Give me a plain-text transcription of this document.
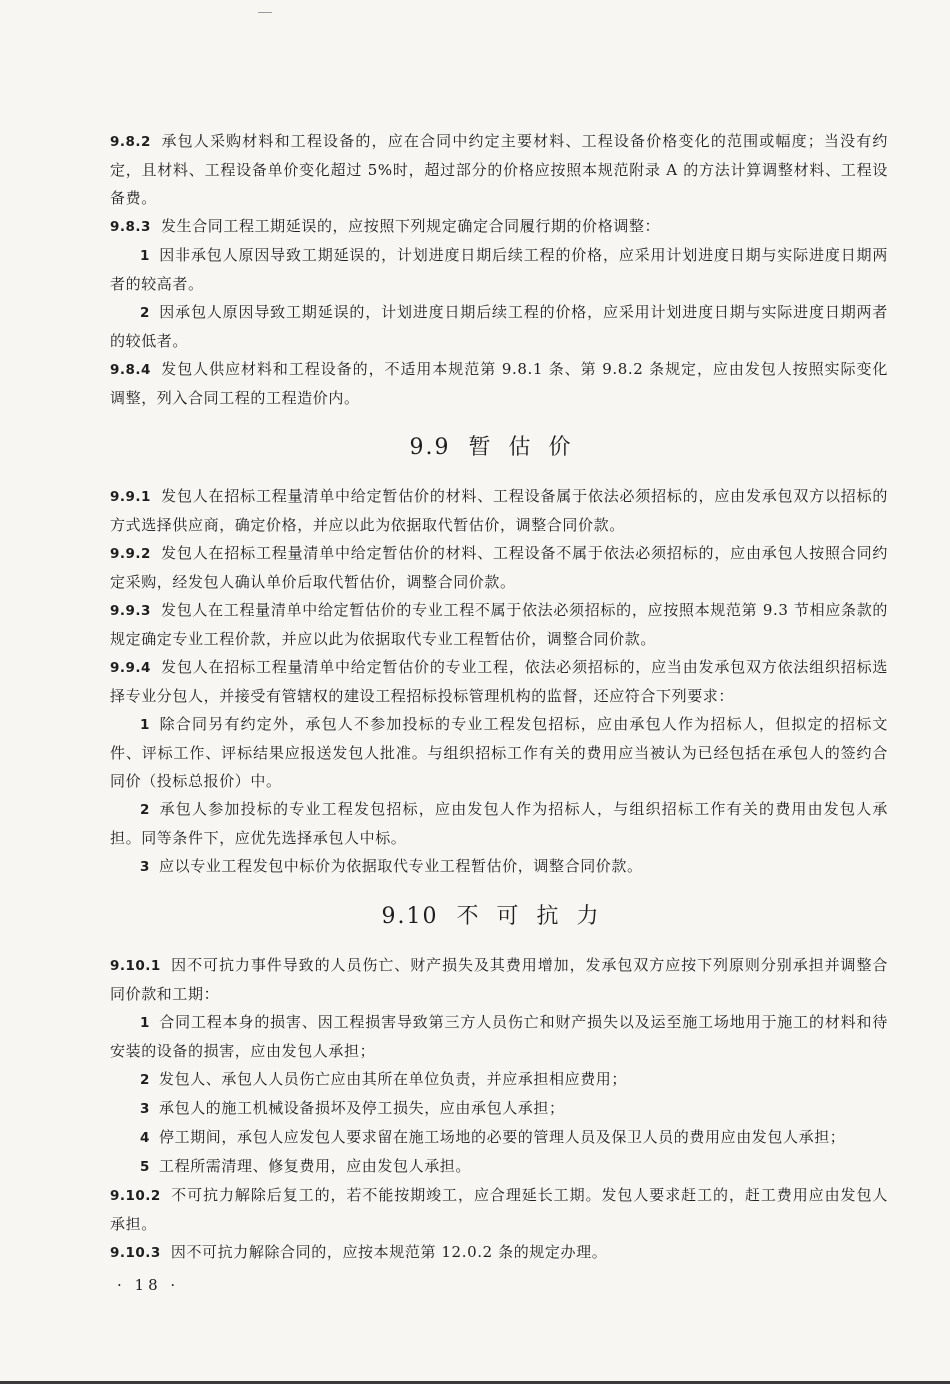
9.8.2 承包人采购材料和工程设备的，应在合同中约定主要材料、工程设备价格变化的范围或幅度；当没有约定，且材料、工程设备单价变化超过 5%时，超过部分的价格应按照本规范附录 A 的方法计算调整材料、工程设备费。

9.8.3 发生合同工程工期延误的，应按照下列规定确定合同履行期的价格调整：

1 因非承包人原因导致工期延误的，计划进度日期后续工程的价格，应采用计划进度日期与实际进度日期两者的较高者。

2 因承包人原因导致工期延误的，计划进度日期后续工程的价格，应采用计划进度日期与实际进度日期两者的较低者。

9.8.4 发包人供应材料和工程设备的，不适用本规范第 9.8.1 条、第 9.8.2 条规定，应由发包人按照实际变化调整，列入合同工程的工程造价内。

9.9 暂估价

9.9.1 发包人在招标工程量清单中给定暂估价的材料、工程设备属于依法必须招标的，应由发承包双方以招标的方式选择供应商，确定价格，并应以此为依据取代暂估价，调整合同价款。

9.9.2 发包人在招标工程量清单中给定暂估价的材料、工程设备不属于依法必须招标的，应由承包人按照合同约定采购，经发包人确认单价后取代暂估价，调整合同价款。

9.9.3 发包人在工程量清单中给定暂估价的专业工程不属于依法必须招标的，应按照本规范第 9.3 节相应条款的规定确定专业工程价款，并应以此为依据取代专业工程暂估价，调整合同价款。

9.9.4 发包人在招标工程量清单中给定暂估价的专业工程，依法必须招标的，应当由发承包双方依法组织招标选择专业分包人，并接受有管辖权的建设工程招标投标管理机构的监督，还应符合下列要求：

1 除合同另有约定外，承包人不参加投标的专业工程发包招标，应由承包人作为招标人，但拟定的招标文件、评标工作、评标结果应报送发包人批准。与组织招标工作有关的费用应当被认为已经包括在承包人的签约合同价（投标总报价）中。

2 承包人参加投标的专业工程发包招标，应由发包人作为招标人，与组织招标工作有关的费用由发包人承担。同等条件下，应优先选择承包人中标。

3 应以专业工程发包中标价为依据取代专业工程暂估价，调整合同价款。

9.10 不可抗力

9.10.1 因不可抗力事件导致的人员伤亡、财产损失及其费用增加，发承包双方应按下列原则分别承担并调整合同价款和工期：

1 合同工程本身的损害、因工程损害导致第三方人员伤亡和财产损失以及运至施工场地用于施工的材料和待安装的设备的损害，应由发包人承担；

2 发包人、承包人人员伤亡应由其所在单位负责，并应承担相应费用；

3 承包人的施工机械设备损坏及停工损失，应由承包人承担；

4 停工期间，承包人应发包人要求留在施工场地的必要的管理人员及保卫人员的费用应由发包人承担；

5 工程所需清理、修复费用，应由发包人承担。

9.10.2 不可抗力解除后复工的，若不能按期竣工，应合理延长工期。发包人要求赶工的，赶工费用应由发包人承担。

9.10.3 因不可抗力解除合同的，应按本规范第 12.0.2 条的规定办理。

· 18 ·
